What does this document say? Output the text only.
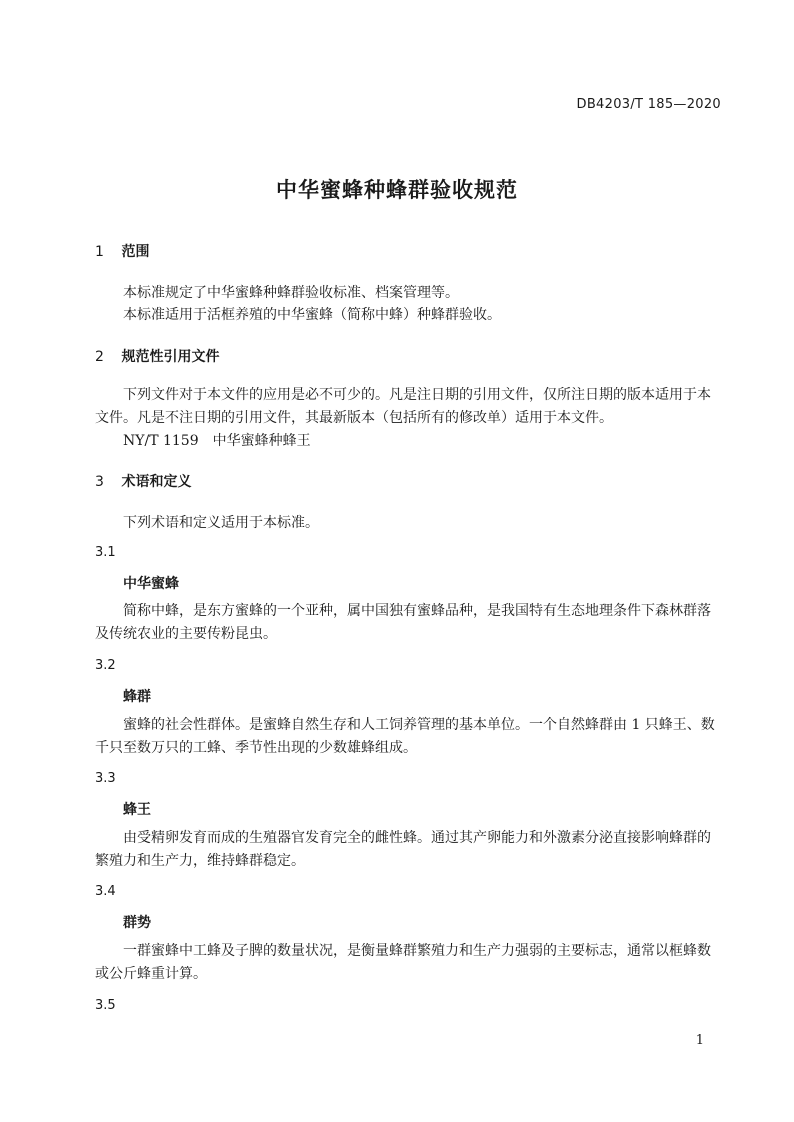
DB4203/T 185—2020
中华蜜蜂种蜂群验收规范
1 范围
本标准规定了中华蜜蜂种蜂群验收标准、档案管理等。
本标准适用于活框养殖的中华蜜蜂（简称中蜂）种蜂群验收。
2 规范性引用文件
下列文件对于本文件的应用是必不可少的。凡是注日期的引用文件，仅所注日期的版本适用于本文件。凡是不注日期的引用文件，其最新版本（包括所有的修改单）适用于本文件。
NY/T 1159　中华蜜蜂种蜂王
3 术语和定义
下列术语和定义适用于本标准。
3.1
中华蜜蜂
简称中蜂，是东方蜜蜂的一个亚种，属中国独有蜜蜂品种，是我国特有生态地理条件下森林群落及传统农业的主要传粉昆虫。
3.2
蜂群
蜜蜂的社会性群体。是蜜蜂自然生存和人工饲养管理的基本单位。一个自然蜂群由 1 只蜂王、数千只至数万只的工蜂、季节性出现的少数雄蜂组成。
3.3
蜂王
由受精卵发育而成的生殖器官发育完全的雌性蜂。通过其产卵能力和外激素分泌直接影响蜂群的繁殖力和生产力，维持蜂群稳定。
3.4
群势
一群蜜蜂中工蜂及子脾的数量状况，是衡量蜂群繁殖力和生产力强弱的主要标志，通常以框蜂数或公斤蜂重计算。
3.5
1
